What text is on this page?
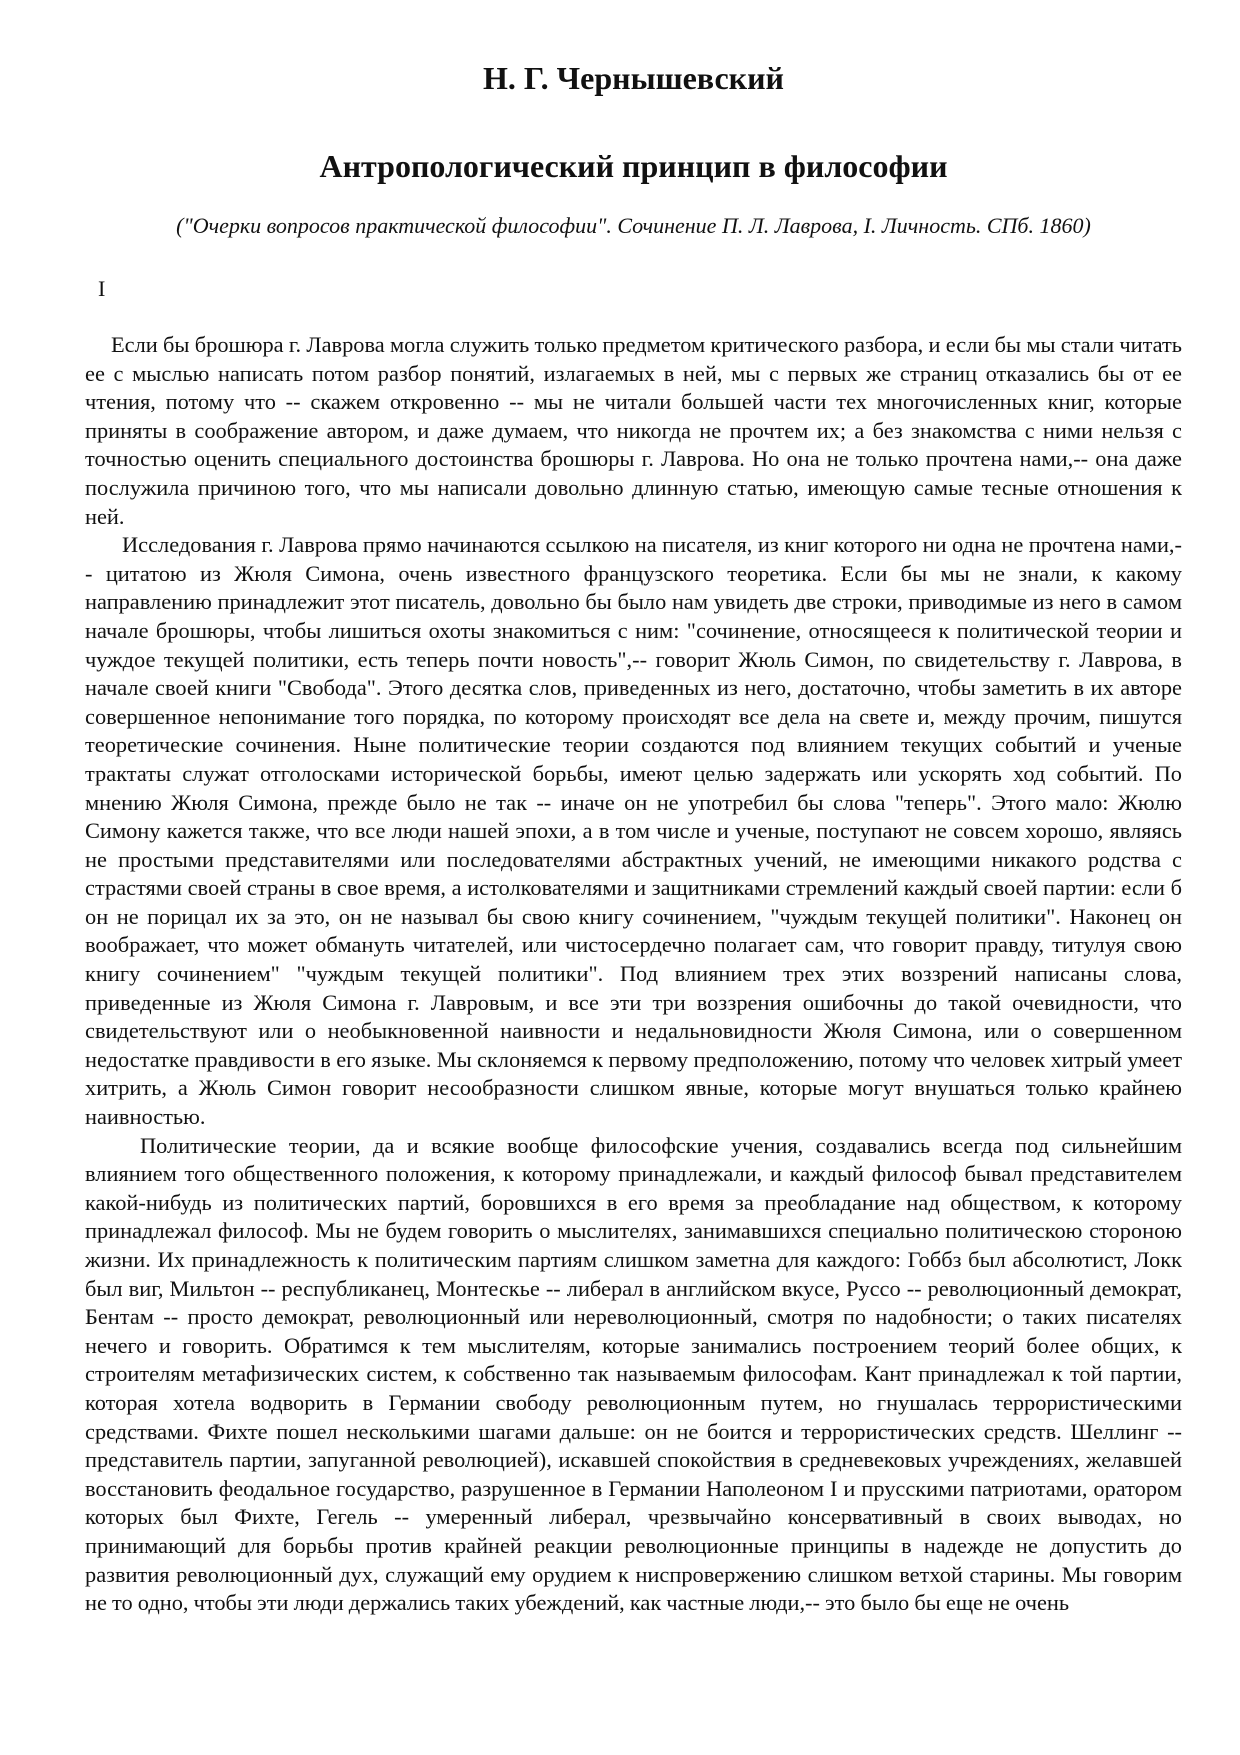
Н. Г. Чернышевский
Антропологический принцип в философии

("Очерки вопросов практической философии". Сочинение П. Л. Лаврова, I. Личность. СПб. 1860)

I

Если бы брошюра г. Лаврова могла служить только предметом критического разбора, и если бы мы стали читать ее с мыслью написать потом разбор понятий, излагаемых в ней, мы с первых же страниц отказались бы от ее чтения, потому что -- скажем откровенно -- мы не читали большей части тех многочисленных книг, которые приняты в соображение автором, и даже думаем, что никогда не прочтем их; а без знакомства с ними нельзя с точностью оценить специального достоинства брошюры г. Лаврова. Но она не только прочтена нами,-- она даже послужила причиною того, что мы написали довольно длинную статью, имеющую самые тесные отношения к ней.

Исследования г. Лаврова прямо начинаются ссылкою на писателя, из книг которого ни одна не прочтена нами,-- цитатою из Жюля Симона, очень известного французского теоретика. Если бы мы не знали, к какому направлению принадлежит этот писатель, довольно бы было нам увидеть две строки, приводимые из него в самом начале брошюры, чтобы лишиться охоты знакомиться с ним: "сочинение, относящееся к политической теории и чуждое текущей политики, есть теперь почти новость",-- говорит Жюль Симон, по свидетельству г. Лаврова, в начале своей книги "Свобода". Этого десятка слов, приведенных из него, достаточно, чтобы заметить в их авторе совершенное непонимание того порядка, по которому происходят все дела на свете и, между прочим, пишутся теоретические сочинения. Ныне политические теории создаются под влиянием текущих событий и ученые трактаты служат отголосками исторической борьбы, имеют целью задержать или ускорять ход событий. По мнению Жюля Симона, прежде было не так -- иначе он не употребил бы слова "теперь". Этого мало: Жюлю Симону кажется также, что все люди нашей эпохи, а в том числе и ученые, поступают не совсем хорошо, являясь не простыми представителями или последователями абстрактных учений, не имеющими никакого родства с страстями своей страны в свое время, а истолкователями и защитниками стремлений каждый своей партии: если б он не порицал их за это, он не называл бы свою книгу сочинением, "чуждым текущей политики". Наконец он воображает, что может обмануть читателей, или чистосердечно полагает сам, что говорит правду, титулуя свою книгу сочинением" "чуждым текущей политики". Под влиянием трех этих воззрений написаны слова, приведенные из Жюля Симона г. Лавровым, и все эти три воззрения ошибочны до такой очевидности, что свидетельствуют или о необыкновенной наивности и недальновидности Жюля Симона, или о совершенном недостатке правдивости в его языке. Мы склоняемся к первому предположению, потому что человек хитрый умеет хитрить, а Жюль Симон говорит несообразности слишком явные, которые могут внушаться только крайнею наивностью.

Политические теории, да и всякие вообще философские учения, создавались всегда под сильнейшим влиянием того общественного положения, к которому принадлежали, и каждый философ бывал представителем какой-нибудь из политических партий, боровшихся в его время за преобладание над обществом, к которому принадлежал философ. Мы не будем говорить о мыслителях, занимавшихся специально политическою стороною жизни. Их принадлежность к политическим партиям слишком заметна для каждого: Гоббз был абсолютист, Локк был виг, Мильтон -- республиканец, Монтескье -- либерал в английском вкусе, Руссо -- революционный демократ, Бентам -- просто демократ, революционный или нереволюционный, смотря по надобности; о таких писателях нечего и говорить. Обратимся к тем мыслителям, которые занимались построением теорий более общих, к строителям метафизических систем, к собственно так называемым философам. Кант принадлежал к той партии, которая хотела водворить в Германии свободу революционным путем, но гнушалась террористическими средствами. Фихте пошел несколькими шагами дальше: он не боится и террористических средств. Шеллинг -- представитель партии, запуганной революцией), искавшей спокойствия в средневековых учреждениях, желавшей восстановить феодальное государство, разрушенное в Германии Наполеоном I и прусскими патриотами, оратором которых был Фихте, Гегель -- умеренный либерал, чрезвычайно консервативный в своих выводах, но принимающий для борьбы против крайней реакции революционные принципы в надежде не допустить до развития революционный дух, служащий ему орудием к ниспровержению слишком ветхой старины. Мы говорим не то одно, чтобы эти люди держались таких убеждений, как частные люди,-- это было бы еще не очень
